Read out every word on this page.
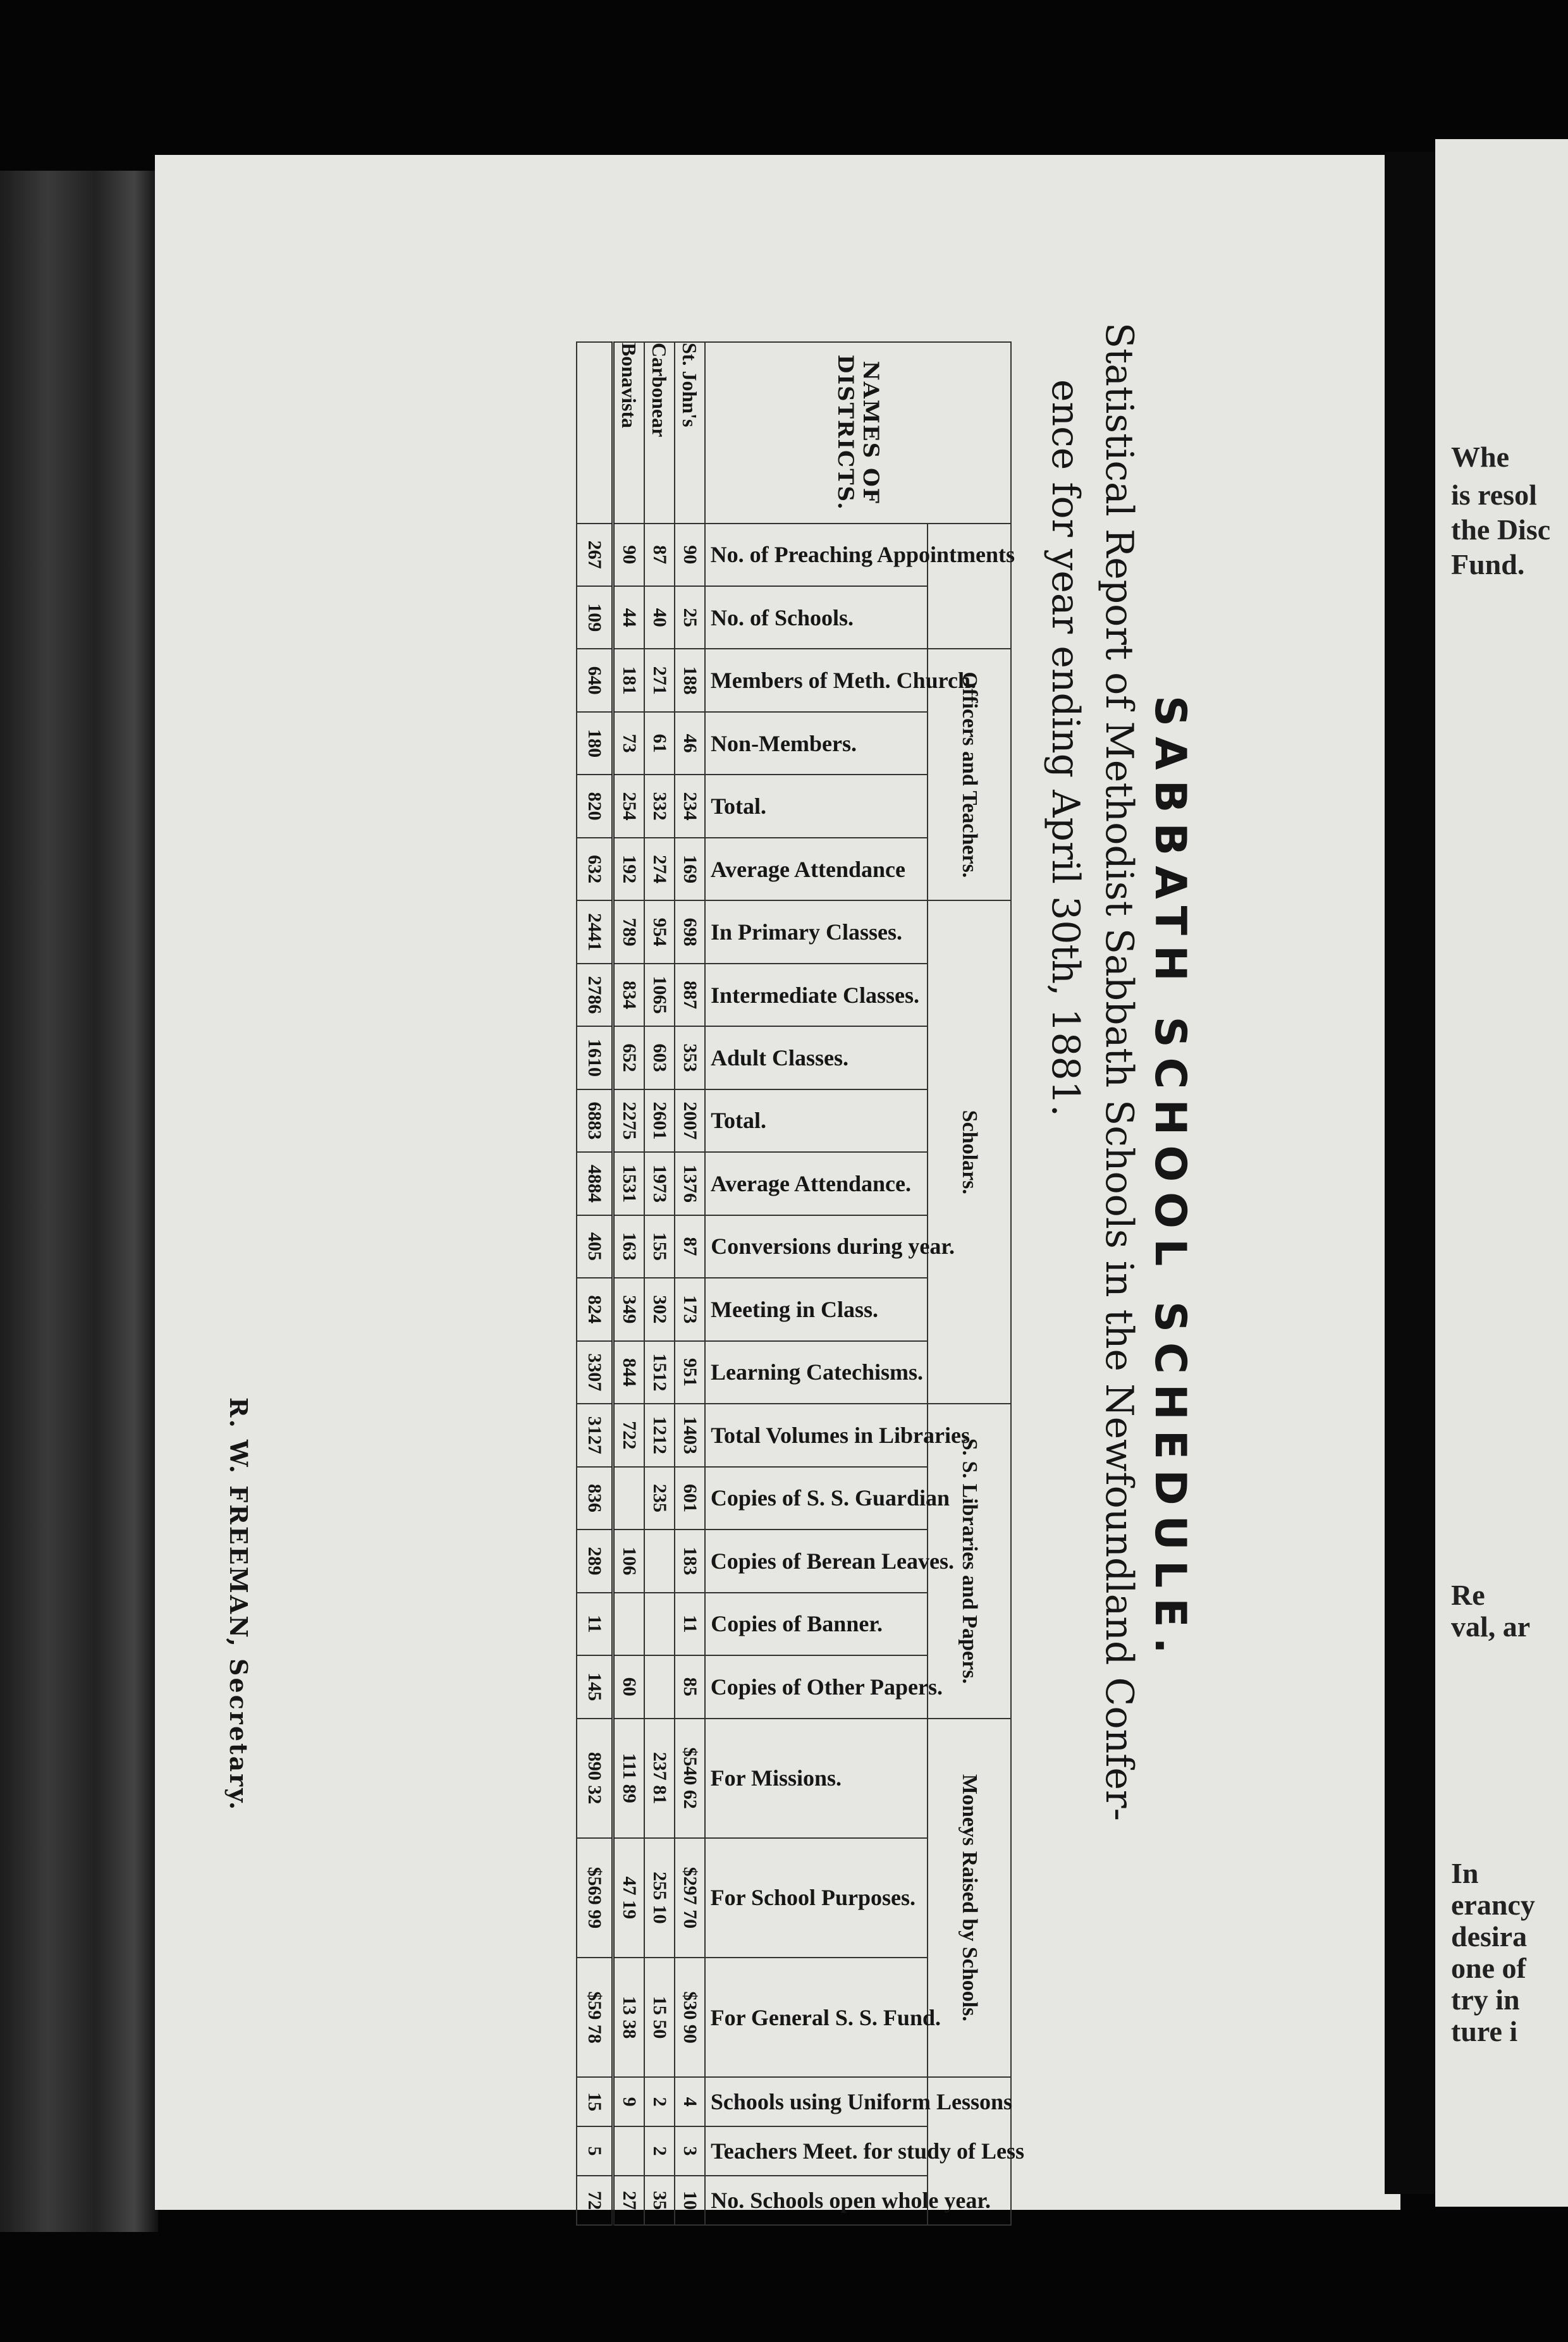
Whe
is resol
the Disc
Fund.
Re
val, ar
In
erancy
desira
one of
try in
ture i
SABBATH SCHOOL SCHEDULE.
Statistical Report of Methodist Sabbath Schools in the Newfoundland Confer-
ence for year ending April 30th, 1881.
NAMES OF DISTRICTS.			Officers and Teachers.				Scholars.								S. S. Libraries and Papers.					Moneys Raised by Schools.					

	No. of Preaching Appointments	No. of Schools.	Members of Meth. Church.	Non-Members.	Total.	Average Attendance	In Primary Classes.	Intermediate Classes.	Adult Classes.	Total.	Average Attendance.	Conversions during year.	Meeting in Class.	Learning Catechisms.	Total Volumes in Libraries	Copies of S. S. Guardian	Copies of Berean Leaves.	Copies of Banner.	Copies of Other Papers.	For Missions.	For School Purposes.	For General S. S. Fund.	Schools using Uniform Lessons	Teachers Meet. for study of Less	No. Schools open whole year.

St. John's	90	25	188	46	234	169	698	887	353	2007	1376	87	173	951	1403	601	183	11	85	$540 62	$297 70	$30 90	4	3	10
Carbonear	87	40	271	61	332	274	954	1065	603	2601	1973	155	302	1512	1212	235				237 81	255 10	15 50	2	2	35
Bonavista	90	44	181	73	254	192	789	834	652	2275	1531	163	349	844	722		106		60	111 89	47 19	13 38	9		27
	267	109	640	180	820	632	2441	2786	1610	6883	4884	405	824	3307	3127	836	289	11	145	890 32	$569 99	$59 78	15	5	72
R. W. FREEMAN, Secretary.
